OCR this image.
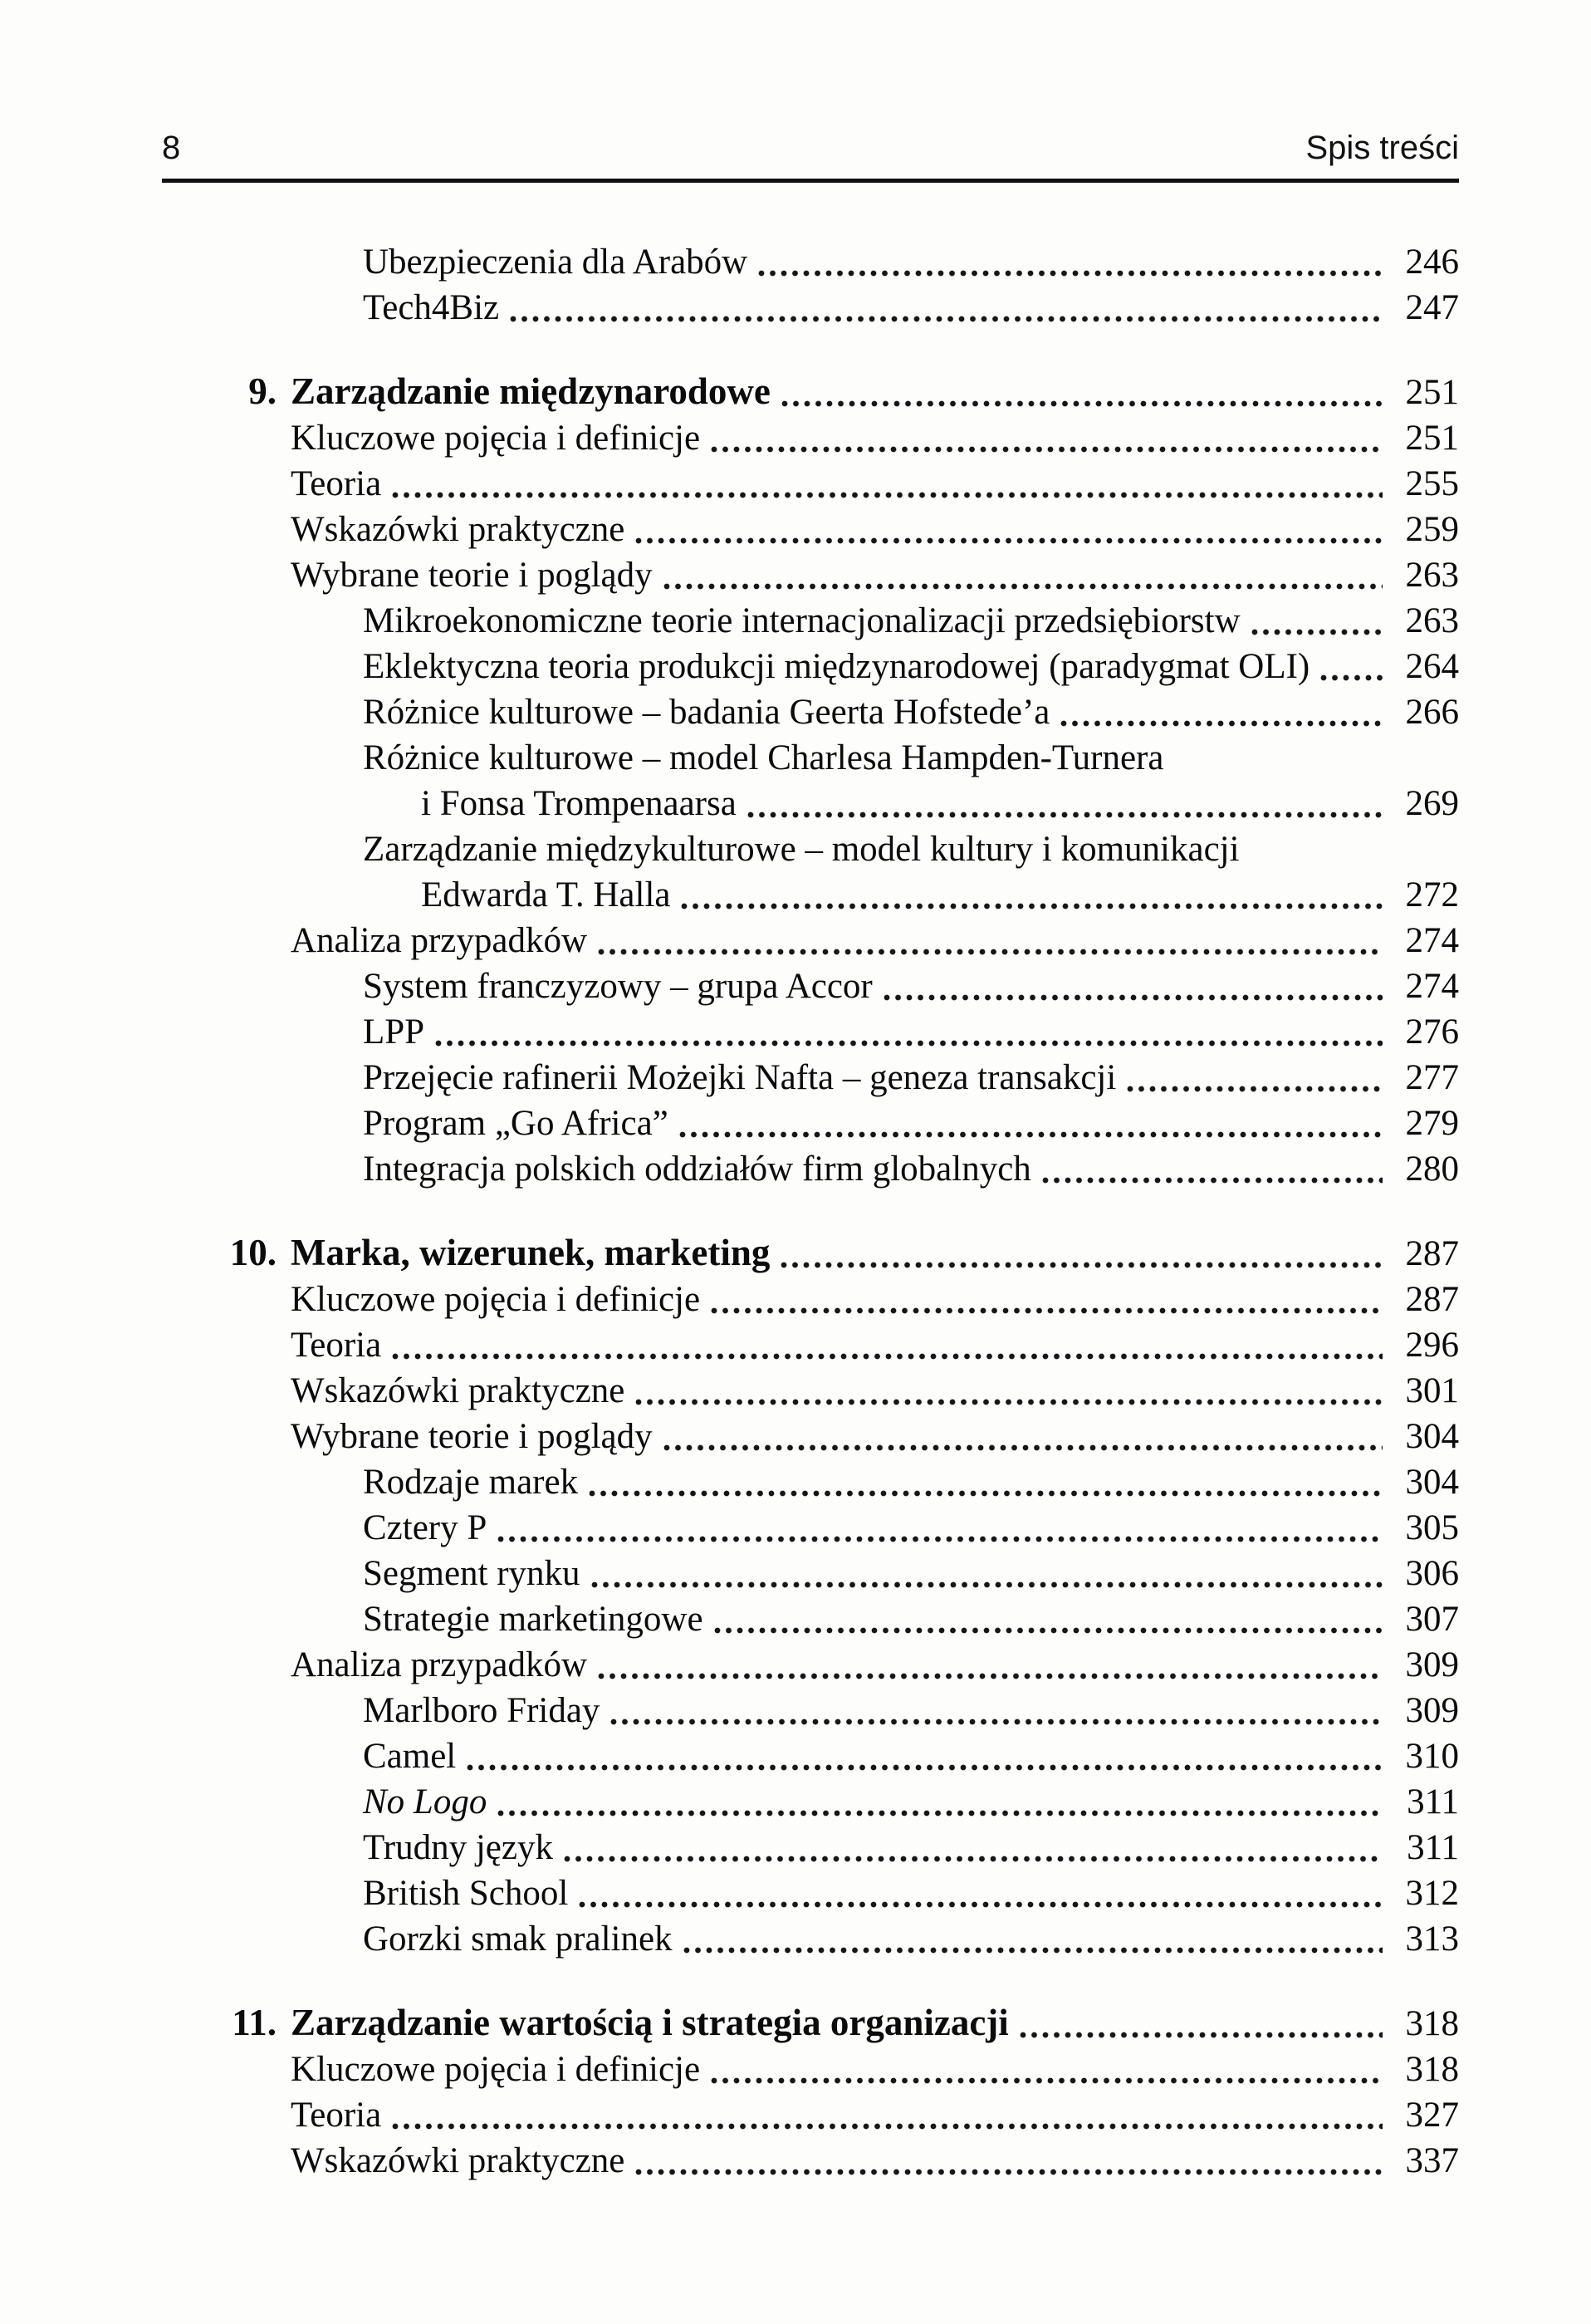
8	Spis treści
Ubezpieczenia dla Arabów	246
Tech4Biz	247
9. Zarządzanie międzynarodowe	251
Kluczowe pojęcia i definicje	251
Teoria	255
Wskazówki praktyczne	259
Wybrane teorie i poglądy	263
Mikroekonomiczne teorie internacjonalizacji przedsiębiorstw	263
Eklektyczna teoria produkcji międzynarodowej (paradygmat OLI)	264
Różnice kulturowe – badania Geerta Hofstede’a	266
Różnice kulturowe – model Charlesa Hampden-Turnera
i Fonsa Trompenaarsa	269
Zarządzanie międzykulturowe – model kultury i komunikacji
Edwarda T. Halla	272
Analiza przypadków	274
System franczyzowy – grupa Accor	274
LPP	276
Przejęcie rafinerii Możejki Nafta – geneza transakcji	277
Program „Go Africa”	279
Integracja polskich oddziałów firm globalnych	280
10. Marka, wizerunek, marketing	287
Kluczowe pojęcia i definicje	287
Teoria	296
Wskazówki praktyczne	301
Wybrane teorie i poglądy	304
Rodzaje marek	304
Cztery P	305
Segment rynku	306
Strategie marketingowe	307
Analiza przypadków	309
Marlboro Friday	309
Camel	310
No Logo	311
Trudny język	311
British School	312
Gorzki smak pralinek	313
11. Zarządzanie wartością i strategia organizacji	318
Kluczowe pojęcia i definicje	318
Teoria	327
Wskazówki praktyczne	337
